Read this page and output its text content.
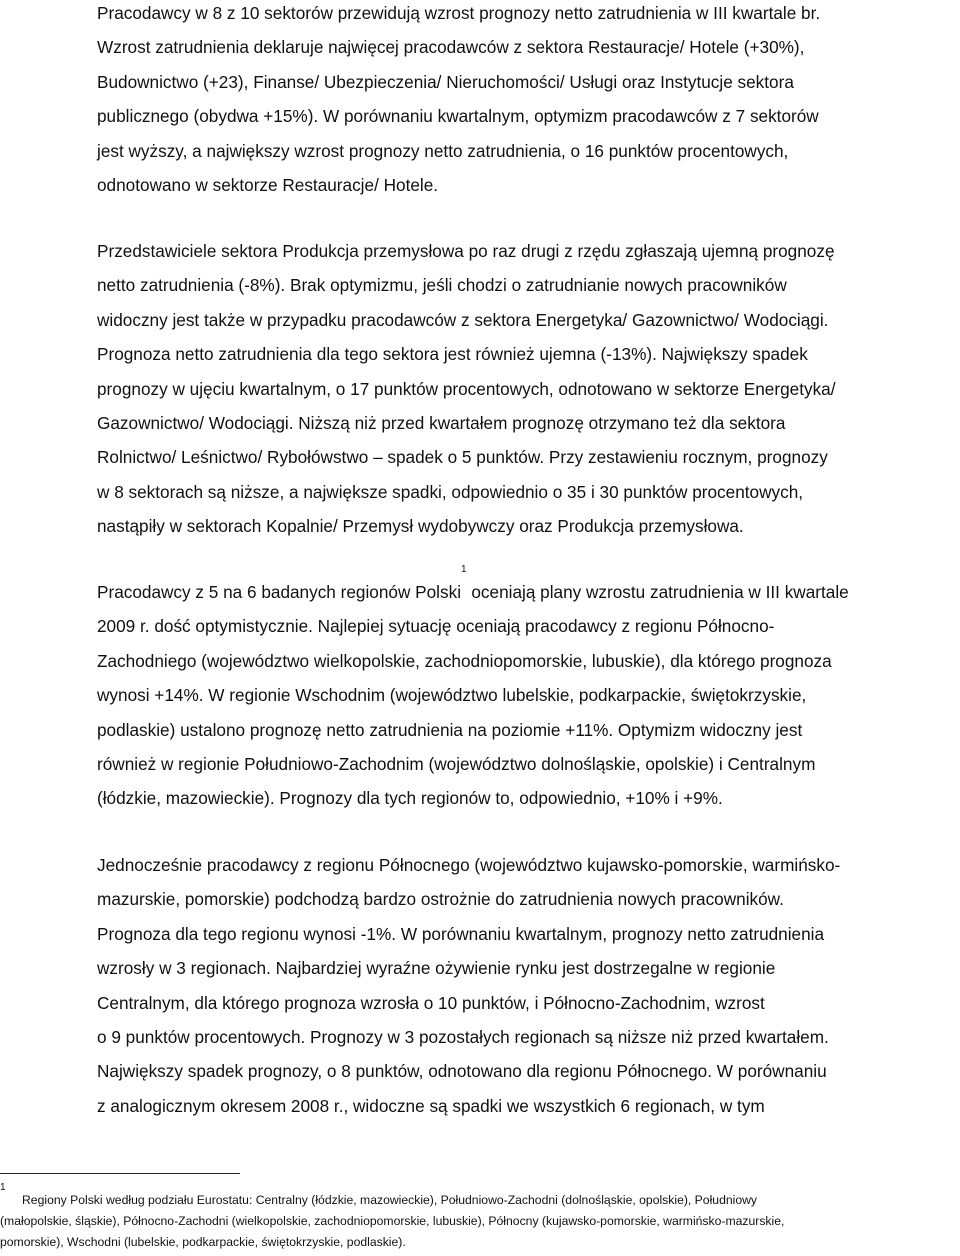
Pracodawcy w 8 z 10 sektorów przewidują wzrost prognozy netto zatrudnienia w III kwartale br.
Wzrost zatrudnienia deklaruje najwięcej pracodawców z sektora Restauracje/ Hotele (+30%),
Budownictwo (+23), Finanse/ Ubezpieczenia/ Nieruchomości/ Usługi oraz Instytucje sektora
publicznego (obydwa +15%). W porównaniu kwartalnym, optymizm pracodawców z 7 sektorów
jest wyższy, a największy wzrost prognozy netto zatrudnienia, o 16 punktów procentowych,
odnotowano w sektorze Restauracje/ Hotele.
Przedstawiciele sektora Produkcja przemysłowa po raz drugi z rzędu zgłaszają ujemną prognozę
netto zatrudnienia (-8%). Brak optymizmu, jeśli chodzi o zatrudnianie nowych pracowników
widoczny jest także w przypadku pracodawców z sektora Energetyka/ Gazownictwo/ Wodociągi.
Prognoza netto zatrudnienia dla tego sektora jest również ujemna (-13%). Największy spadek
prognozy w ujęciu kwartalnym, o 17 punktów procentowych, odnotowano w sektorze Energetyka/
Gazownictwo/ Wodociągi. Niższą niż przed kwartałem prognozę otrzymano też dla sektora
Rolnictwo/ Leśnictwo/ Rybołówstwo – spadek o 5 punktów. Przy zestawieniu rocznym, prognozy
w 8 sektorach są niższe, a największe spadki, odpowiednio o 35 i 30 punktów procentowych,
nastąpiły w sektorach Kopalnie/ Przemysł wydobywczy oraz Produkcja przemysłowa.
Pracodawcy z 5 na 6 badanych regionów Polski$^1$ oceniają plany wzrostu zatrudnienia w III kwartale
2009 r. dość optymistycznie. Najlepiej sytuację oceniają pracodawcy z regionu Północno-
Zachodniego (województwo wielkopolskie, zachodniopomorskie, lubuskie), dla którego prognoza
wynosi +14%. W regionie Wschodnim (województwo lubelskie, podkarpackie, świętokrzyskie,
podlaskie) ustalono prognozę netto zatrudnienia na poziomie +11%. Optymizm widoczny jest
również w regionie Południowo-Zachodnim (województwo dolnośląskie, opolskie) i Centralnym
(łódzkie, mazowieckie). Prognozy dla tych regionów to, odpowiednio, +10% i +9%.
Jednocześnie pracodawcy z regionu Północnego (województwo kujawsko-pomorskie, warmińsko-
mazurskie, pomorskie) podchodzą bardzo ostrożnie do zatrudnienia nowych pracowników.
Prognoza dla tego regionu wynosi -1%. W porównaniu kwartalnym, prognozy netto zatrudnienia
wzrosły w 3 regionach. Najbardziej wyraźne ożywienie rynku jest dostrzegalne w regionie
Centralnym, dla którego prognoza wzrosła o 10 punktów, i Północno-Zachodnim, wzrost
o 9 punktów procentowych. Prognozy w 3 pozostałych regionach są niższe niż przed kwartałem.
Największy spadek prognozy, o 8 punktów, odnotowano dla regionu Północnego. W porównaniu
z analogicznym okresem 2008 r., widoczne są spadki we wszystkich 6 regionach, w tym
1
Regiony Polski według podziału Eurostatu: Centralny (łódzkie, mazowieckie), Południowo-Zachodni (dolnośląskie, opolskie), Południowy
(małopolskie, śląskie), Północno-Zachodni (wielkopolskie, zachodniopomorskie, lubuskie), Północny (kujawsko-pomorskie, warmińsko-mazurskie,
pomorskie), Wschodni (lubelskie, podkarpackie, świętokrzyskie, podlaskie).
